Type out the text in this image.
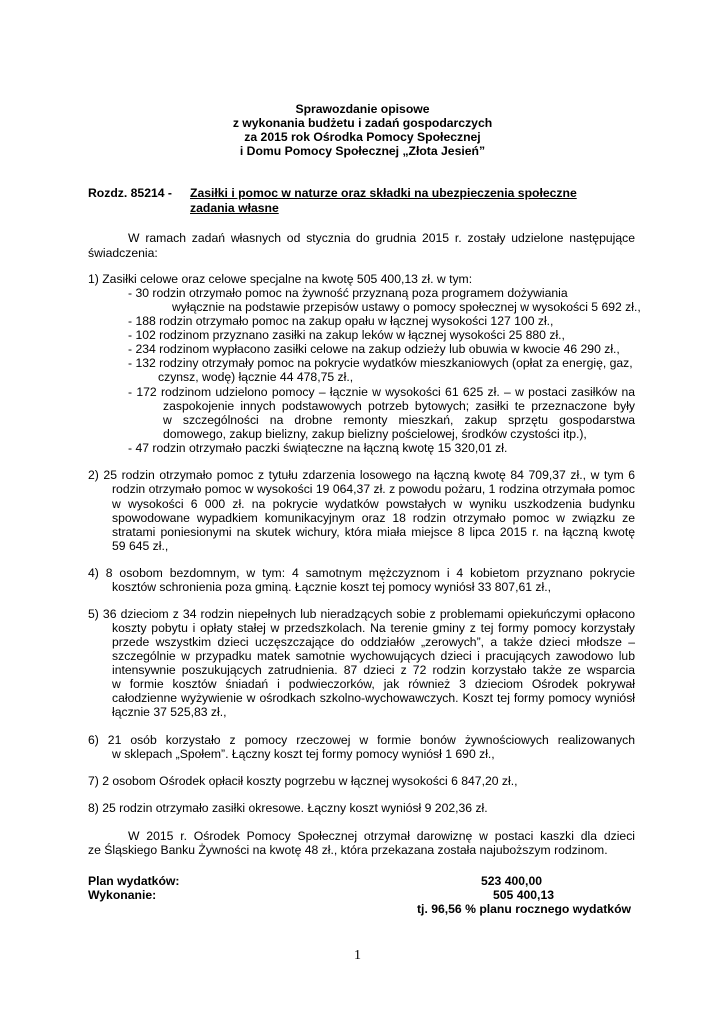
Sprawozdanie opisowe
z wykonania budżetu i zadań gospodarczych
za 2015 rok Ośrodka Pomocy Społecznej
i Domu Pomocy Społecznej „Złota Jesień”
Rozdz. 85214 - Zasiłki i pomoc w naturze oraz składki na ubezpieczenia społeczne
zadania własne
W ramach zadań własnych od stycznia do grudnia 2015 r. zostały udzielone następujące
świadczenia:
1) Zasiłki celowe oraz celowe specjalne na kwotę 505 400,13 zł. w tym:
- 30 rodzin otrzymało pomoc na żywność przyznaną poza programem dożywiania
wyłącznie na podstawie przepisów ustawy o pomocy społecznej w wysokości 5 692 zł.,
- 188 rodzin otrzymało pomoc na zakup opału w łącznej wysokości 127 100 zł.,
- 102 rodzinom przyznano zasiłki na zakup leków w łącznej wysokości 25 880 zł.,
- 234 rodzinom wypłacono zasiłki celowe na zakup odzieży lub obuwia w kwocie 46 290 zł.,
- 132 rodziny otrzymały pomoc na pokrycie wydatków mieszkaniowych (opłat za energię, gaz,
czynsz, wodę) łącznie 44 478,75 zł.,
- 172 rodzinom udzielono pomocy – łącznie w wysokości 61 625 zł. – w postaci zasiłków na
zaspokojenie innych podstawowych potrzeb bytowych; zasiłki te przeznaczone były
w szczególności na drobne remonty mieszkań, zakup sprzętu gospodarstwa
domowego, zakup bielizny, zakup bielizny pościelowej, środków czystości itp.),
- 47 rodzin otrzymało paczki świąteczne na łączną kwotę 15 320,01 zł.
2) 25 rodzin otrzymało pomoc z tytułu zdarzenia losowego na łączną kwotę 84 709,37 zł., w tym 6
rodzin otrzymało pomoc w wysokości 19 064,37 zł. z powodu pożaru, 1 rodzina otrzymała pomoc
w wysokości 6 000 zł. na pokrycie wydatków powstałych w wyniku uszkodzenia budynku
spowodowane wypadkiem komunikacyjnym oraz 18 rodzin otrzymało pomoc w związku ze
stratami poniesionymi na skutek wichury, która miała miejsce 8 lipca 2015 r. na łączną kwotę
59 645 zł.,
4) 8 osobom bezdomnym, w tym: 4 samotnym mężczyznom i 4 kobietom przyznano pokrycie
kosztów schronienia poza gminą. Łącznie koszt tej pomocy wyniósł 33 807,61 zł.,
5) 36 dzieciom z 34 rodzin niepełnych lub nieradzących sobie z problemami opiekuńczymi opłacono
koszty pobytu i opłaty stałej w przedszkolach. Na terenie gminy z tej formy pomocy korzystały
przede wszystkim dzieci uczęszczające do oddziałów „zerowych”, a także dzieci młodsze –
szczególnie w przypadku matek samotnie wychowujących dzieci i pracujących zawodowo lub
intensywnie poszukujących zatrudnienia. 87 dzieci z 72 rodzin korzystało także ze wsparcia
w formie kosztów śniadań i podwieczorków, jak również 3 dzieciom Ośrodek pokrywał
całodzienne wyżywienie w ośrodkach szkolno-wychowawczych. Koszt tej formy pomocy wyniósł
łącznie 37 525,83 zł.,
6) 21 osób korzystało z pomocy rzeczowej w formie bonów żywnościowych realizowanych
w sklepach „Społem”. Łączny koszt tej formy pomocy wyniósł 1 690 zł.,
7) 2 osobom Ośrodek opłacił koszty pogrzebu w łącznej wysokości 6 847,20 zł.,
8) 25 rodzin otrzymało zasiłki okresowe. Łączny koszt wyniósł 9 202,36 zł.
W 2015 r. Ośrodek Pomocy Społecznej otrzymał darowiznę w postaci kaszki dla dzieci
ze Śląskiego Banku Żywności na kwotę 48 zł., która przekazana została najuboższym rodzinom.
Plan wydatków:	523 400,00
Wykonanie:	505 400,13
tj. 96,56 % planu rocznego wydatków
1
